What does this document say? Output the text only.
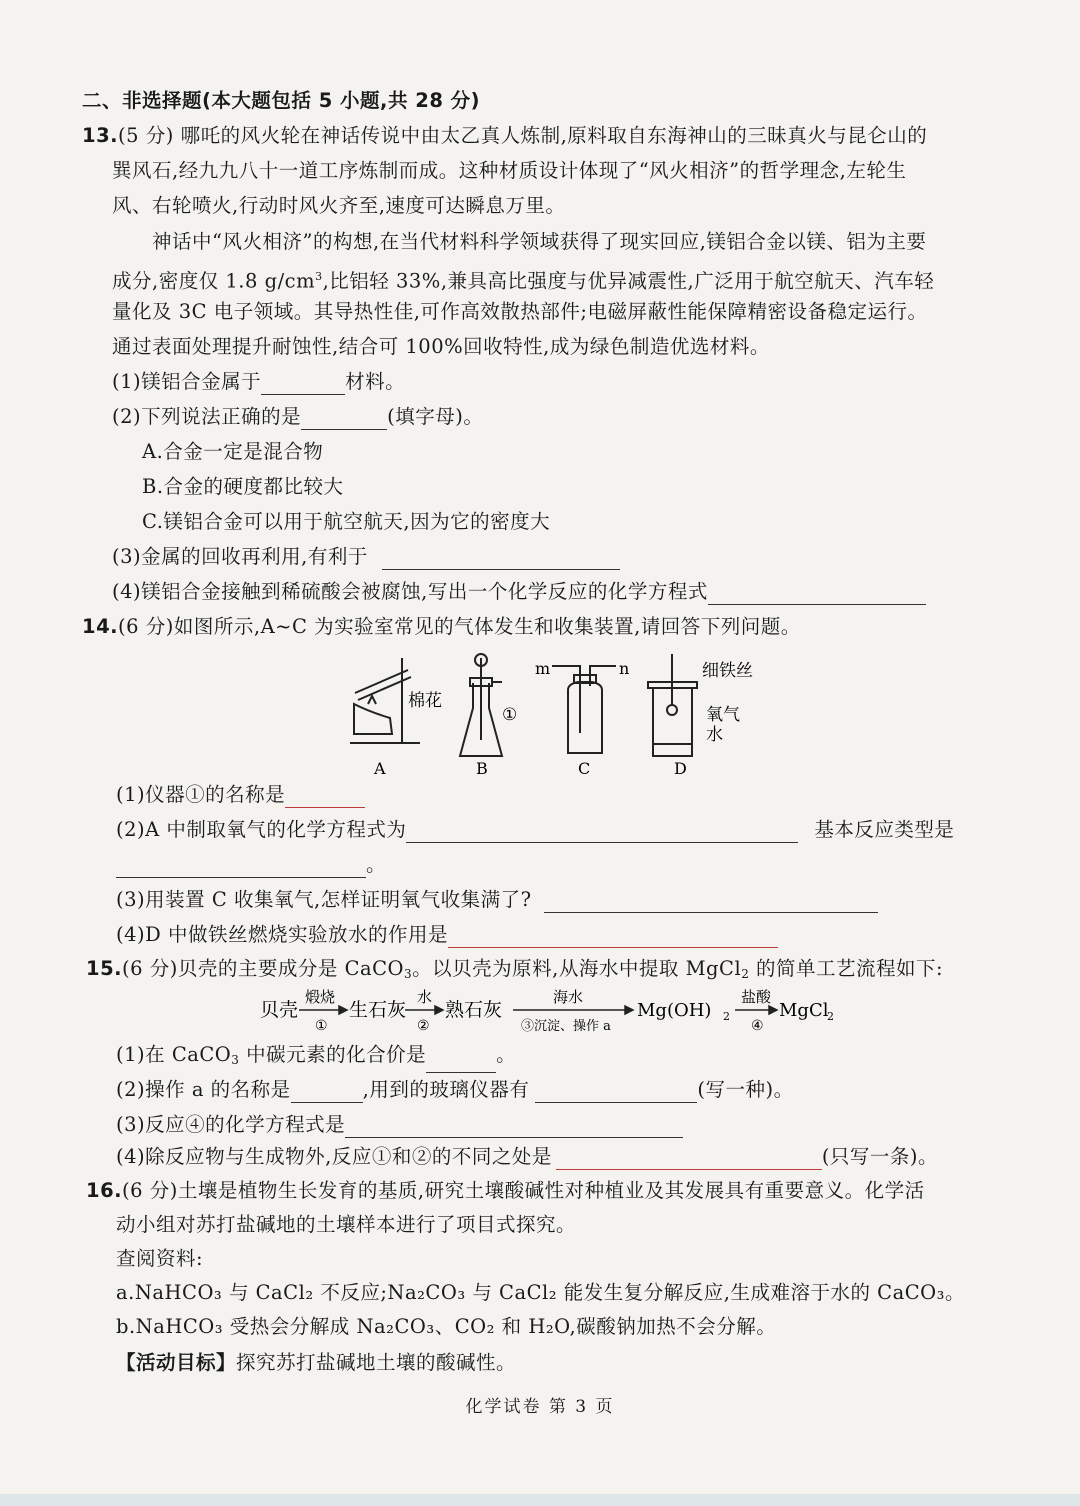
二、非选择题(本大题包括 5 小题,共 28 分)
13.(5 分) 哪吒的风火轮在神话传说中由太乙真人炼制,原料取自东海神山的三昧真火与昆仑山的
巽风石,经九九八十一道工序炼制而成。这种材质设计体现了“风火相济”的哲学理念,左轮生
风、右轮喷火,行动时风火齐至,速度可达瞬息万里。
神话中“风火相济”的构想,在当代材料科学领域获得了现实回应,镁铝合金以镁、铝为主要
成分,密度仅 1.8 $g/cm^3$,比铝轻 33%,兼具高比强度与优异减震性,广泛用于航空航天、汽车轻
量化及 3C 电子领域。其导热性佳,可作高效散热部件;电磁屏蔽性能保障精密设备稳定运行。
通过表面处理提升耐蚀性,结合可 100%回收特性,成为绿色制造优选材料。
(1)镁铝合金属于	材料。
(2)下列说法正确的是	(填字母)。
A.合金一定是混合物
B.合金的硬度都比较大
C.镁铝合金可以用于航空航天,因为它的密度大
(3)金属的回收再利用,有利于
(4)镁铝合金接触到稀硫酸会被腐蚀,写出一个化学反应的化学方程式
14.(6 分)如图所示,A~C 为实验室常见的气体发生和收集装置,请回答下列问题。
棉花
①
m	n	细铁丝
氧气
水
A	B	C	D
(1)仪器①的名称是
(2)A 中制取氧气的化学方程式为	基本反应类型是
。
(3)用装置 C 收集氧气,怎样证明氧气收集满了?
(4)D 中做铁丝燃烧实验放水的作用是
15.(6 分)贝壳的主要成分是 CaCO$_3$。以贝壳为原料,从海水中提取 MgCl$_2$ 的简单工艺流程如下:
贝壳
煅烧
①
生石灰
水
②
熟石灰
海水
③沉淀、操作 a
Mg(OH) 2
盐酸
④
MgCl
2
(1)在 CaCO$_3$ 中碳元素的化合价是	。
(2)操作 a 的名称是	,用到的玻璃仪器有	(写一种)。
(3)反应④的化学方程式是
(4)除反应物与生成物外,反应①和②的不同之处是	(只写一条)。
16.(6 分)土壤是植物生长发育的基质,研究土壤酸碱性对种植业及其发展具有重要意义。化学活
动小组对苏打盐碱地的土壤样本进行了项目式探究。
查阅资料:
a.NaHCO₃ 与 CaCl₂ 不反应;Na₂CO₃ 与 CaCl₂ 能发生复分解反应,生成难溶于水的 CaCO₃。
b.NaHCO₃ 受热会分解成 Na₂CO₃、CO₂ 和 H₂O,碳酸钠加热不会分解。
【活动目标】探究苏打盐碱地土壤的酸碱性。
化学试卷 第 3 页
